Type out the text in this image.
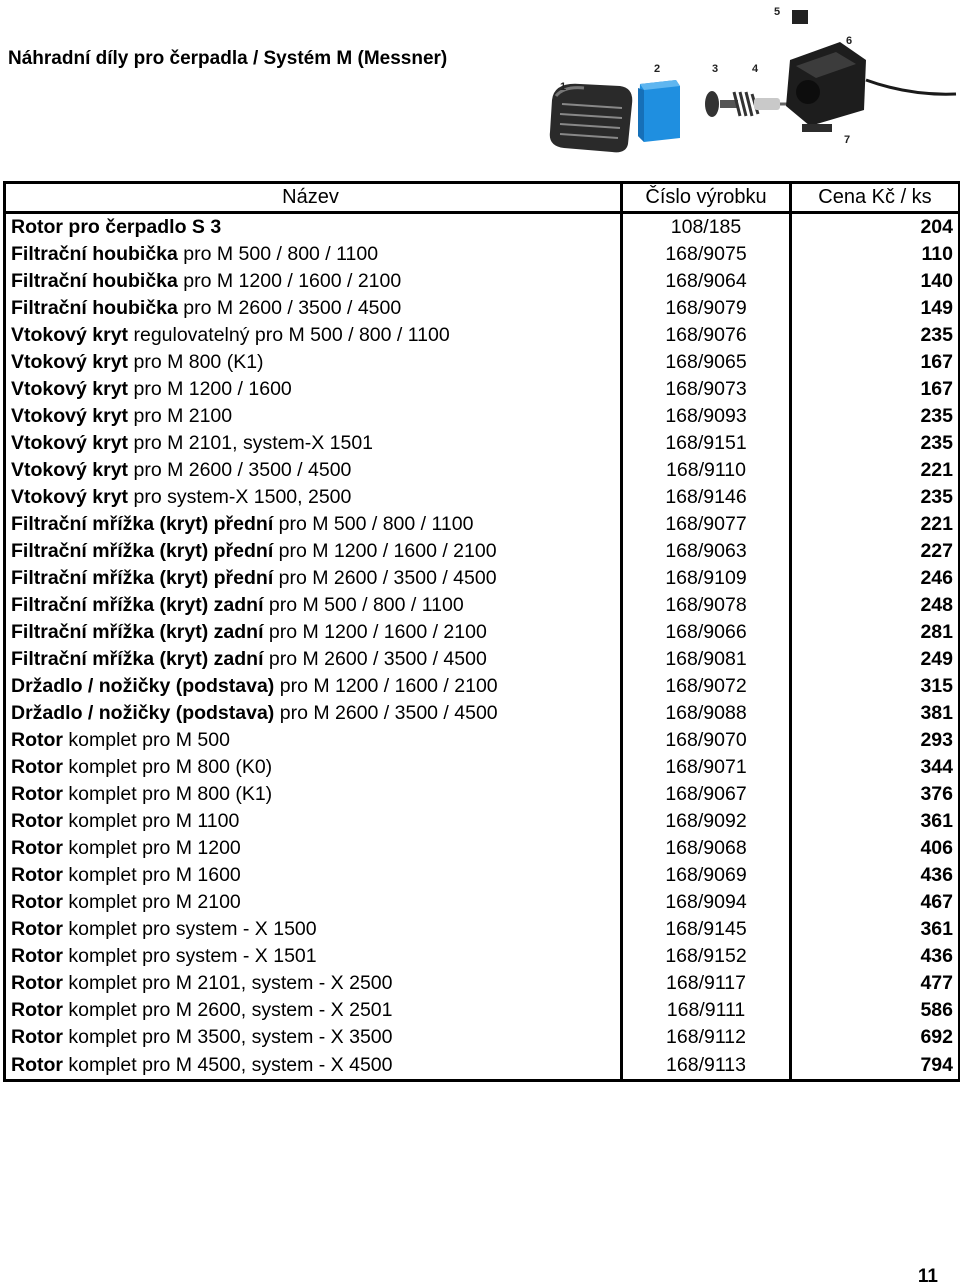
Náhradní díly pro čerpadla / Systém M (Messner)
1
2	3	4
5
6
7
Název	Číslo výrobku	Cena Kč / ks
Rotor pro čerpadlo S 3	108/185	204
Filtrační houbička pro M 500 / 800 / 1100	168/9075	110
Filtrační houbička pro M 1200 / 1600 / 2100	168/9064	140
Filtrační houbička pro M 2600 / 3500 / 4500	168/9079	149
Vtokový kryt regulovatelný pro M 500 / 800 / 1100	168/9076	235
Vtokový kryt pro M 800 (K1)	168/9065	167
Vtokový kryt pro M 1200 / 1600	168/9073	167
Vtokový kryt pro M 2100	168/9093	235
Vtokový kryt pro M 2101, system-X 1501	168/9151	235
Vtokový kryt pro M 2600 / 3500 / 4500	168/9110	221
Vtokový kryt pro system-X 1500, 2500	168/9146	235
Filtrační mřížka (kryt) přední pro M 500 / 800 / 1100	168/9077	221
Filtrační mřížka (kryt) přední pro M 1200 / 1600 / 2100	168/9063	227
Filtrační mřížka (kryt) přední pro M 2600 / 3500 / 4500	168/9109	246
Filtrační mřížka (kryt) zadní pro M 500 / 800 / 1100	168/9078	248
Filtrační mřížka (kryt) zadní pro M 1200 / 1600 / 2100	168/9066	281
Filtrační mřížka (kryt) zadní pro M 2600 / 3500 / 4500	168/9081	249
Držadlo / nožičky (podstava) pro M 1200 / 1600 / 2100	168/9072	315
Držadlo / nožičky (podstava) pro M 2600 / 3500 / 4500	168/9088	381
Rotor komplet pro M 500	168/9070	293
Rotor komplet pro M 800 (K0)	168/9071	344
Rotor komplet pro M 800 (K1)	168/9067	376
Rotor komplet pro M 1100	168/9092	361
Rotor komplet pro M 1200	168/9068	406
Rotor komplet pro M 1600	168/9069	436
Rotor komplet pro M 2100	168/9094	467
Rotor komplet pro system - X 1500	168/9145	361
Rotor komplet pro system - X 1501	168/9152	436
Rotor komplet pro M 2101, system - X 2500	168/9117	477
Rotor komplet pro M 2600, system - X 2501	168/9111	586
Rotor komplet pro M 3500, system - X 3500	168/9112	692
Rotor komplet pro M 4500, system - X 4500	168/9113	794
11
